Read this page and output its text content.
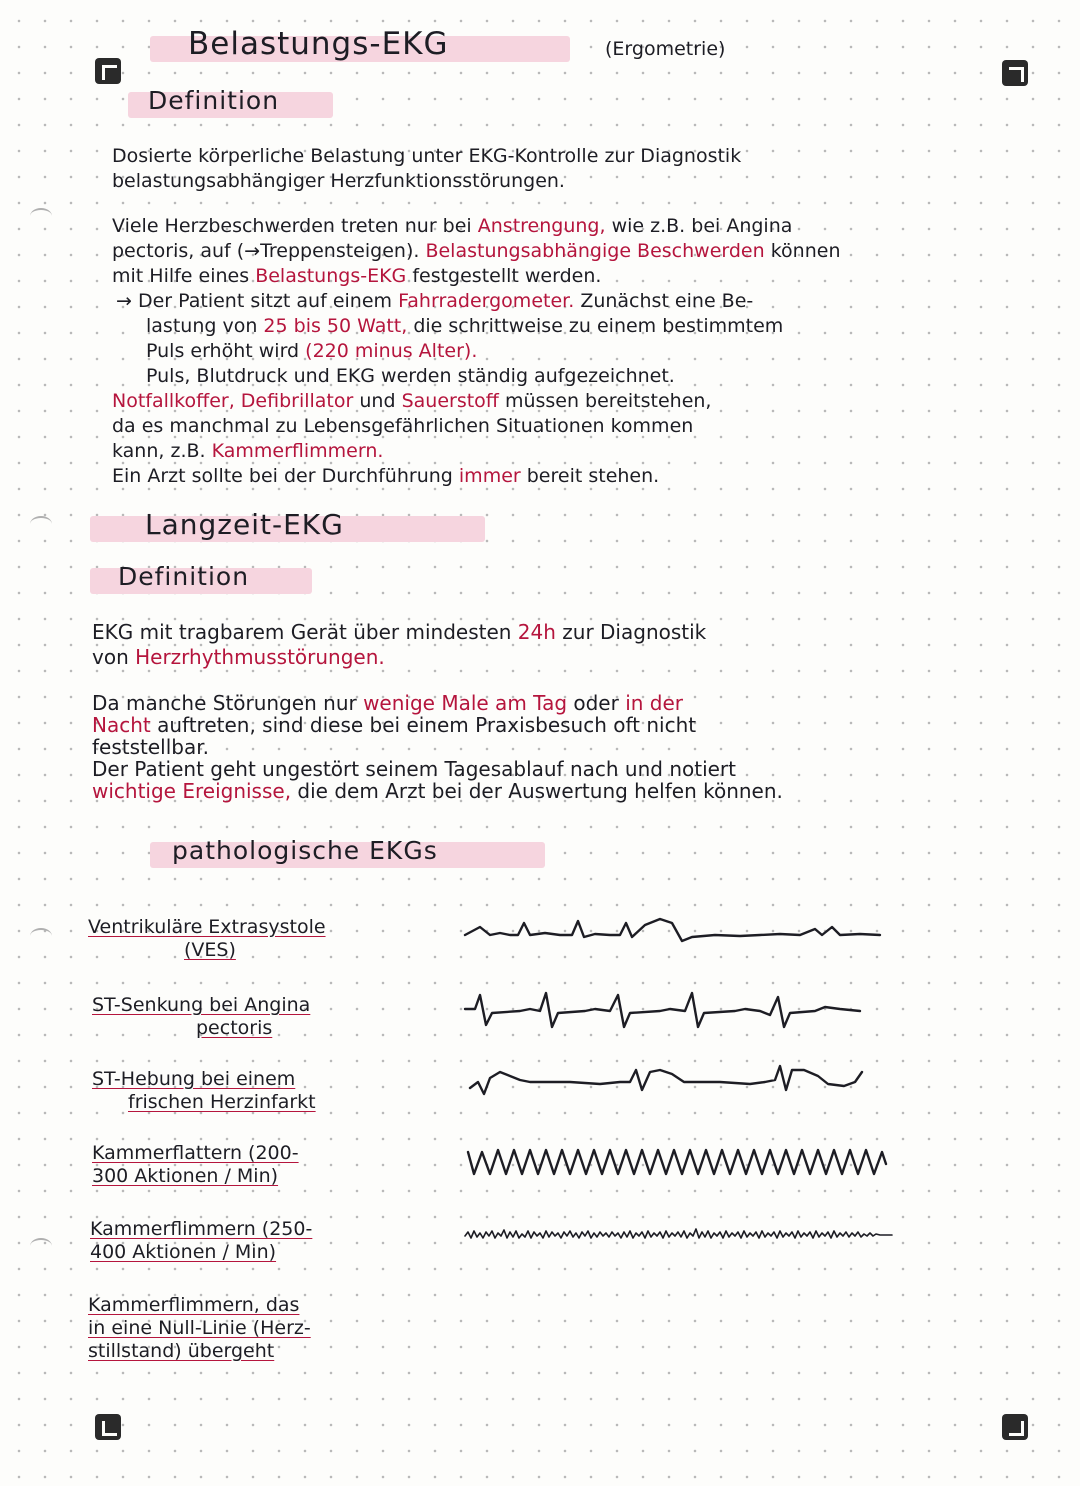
Belastungs-EKG	(Ergometrie)
Definition
Dosierte körperliche Belastung unter EKG-Kontrolle zur Diagnostik
belastungsabhängiger Herzfunktionsstörungen.
Viele Herzbeschwerden treten nur bei Anstrengung, wie z.B. bei Angina
pectoris, auf (→Treppensteigen). Belastungsabhängige Beschwerden können
mit Hilfe eines Belastungs-EKG festgestellt werden.
→ Der Patient sitzt auf einem Fahrradergometer. Zunächst eine Be-
lastung von 25 bis 50 Watt, die schrittweise zu einem bestimmtem
Puls erhöht wird (220 minus Alter).
Puls, Blutdruck und EKG werden ständig aufgezeichnet.
Notfallkoffer, Defibrillator und Sauerstoff müssen bereitstehen,
da es manchmal zu Lebensgefährlichen Situationen kommen
kann, z.B. Kammerflimmern.
Ein Arzt sollte bei der Durchführung immer bereit stehen.
Langzeit-EKG
Definition
EKG mit tragbarem Gerät über mindesten 24h zur Diagnostik
von Herzrhythmusstörungen.
Da manche Störungen nur wenige Male am Tag oder in der
Nacht auftreten, sind diese bei einem Praxisbesuch oft nicht
feststellbar.
Der Patient geht ungestört seinem Tagesablauf nach und notiert
wichtige Ereignisse, die dem Arzt bei der Auswertung helfen können.
pathologische EKGs
Ventrikuläre Extrasystole
(VES)
ST-Senkung bei Angina
pectoris
ST-Hebung bei einem
frischen Herzinfarkt
Kammerflattern (200-
300 Aktionen / Min)
Kammerflimmern (250-
400 Aktionen / Min)
Kammerflimmern, das
in eine Null-Linie (Herz-
stillstand) übergeht
